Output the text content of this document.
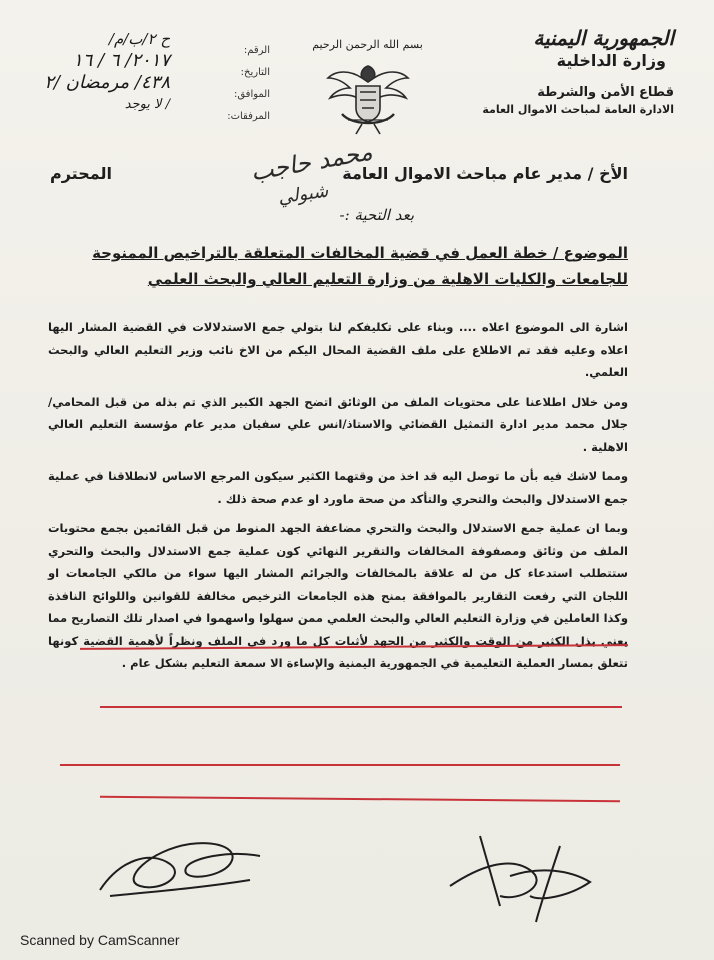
الجمهورية اليمنية
وزارة الداخلية
قطاع الأمن والشرطة
الادارة العامة لمباحث الاموال العامة
بسم الله الرحمن الرحيم
الرقم:
التاريخ:
الموافق:
المرفقات:
ح ۲/ب/م/
٢٠١٧/ ٦ / ١٦
٤٣٨/ مرمضان /٢
/ لا يوجد
الأخ / مدير عام مباحث الاموال العامة
المحترم	محمد حاجب
شبولي
بعد التحية :-
الموضوع / خطة العمل في قضية المخالفات المتعلقة بالتراخيص الممنوحة
للجامعات والكليات الاهلية من وزارة التعليم العالي والبحث العلمي

اشارة الى الموضوع اعلاه .... وبناء على تكليفكم لنا بتولي جمع الاستدلالات في القضية المشار اليها اعلاه وعليه فقد تم الاطلاع على ملف القضية المحال اليكم من الاخ نائب وزير التعليم العالي والبحث العلمي.

ومن خلال اطلاعنا على محتويات الملف من الوثائق اتضح الجهد الكبير الذي تم بذله من قبل المحامي/ جلال محمد مدير ادارة التمثيل القضائي والاستاذ/انس علي سفيان مدير عام مؤسسة التعليم العالي الاهلية .

ومما لاشك فيه بأن ما توصل اليه قد اخذ من وقتهما الكثير سيكون المرجع الاساس لانطلاقنا في عملية جمع الاستدلال والبحث والتحري والتأكد من صحة ماورد او عدم صحة ذلك .

وبما ان عملية جمع الاستدلال والبحث والتحري مضاعفة الجهد المنوط من قبل القائمين بجمع محتويات الملف من وثائق ومصفوفة المخالفات والتقرير النهائي كون عملية جمع الاستدلال والبحث والتحري ستتطلب استدعاء كل من له علاقة بالمخالفات والجرائم المشار اليها سواء من مالكي الجامعات او اللجان التي رفعت التقارير بالموافقة بمنح هذه الجامعات الترخيص مخالفة للقوانين واللوائح النافذة وكذا العاملين في وزارة التعليم العالي والبحث العلمي ممن سهلوا واسهموا في اصدار تلك التصاريح مما يعني بذل الكثير من الوقت والكثير من الجهد لأثبات كل ما ورد في الملف ونظراً لأهمية القضية كونها تتعلق بمسار العملية التعليمية في الجمهورية اليمنية والإساءة الا سمعة التعليم بشكل عام .

Scanned by CamScanner
